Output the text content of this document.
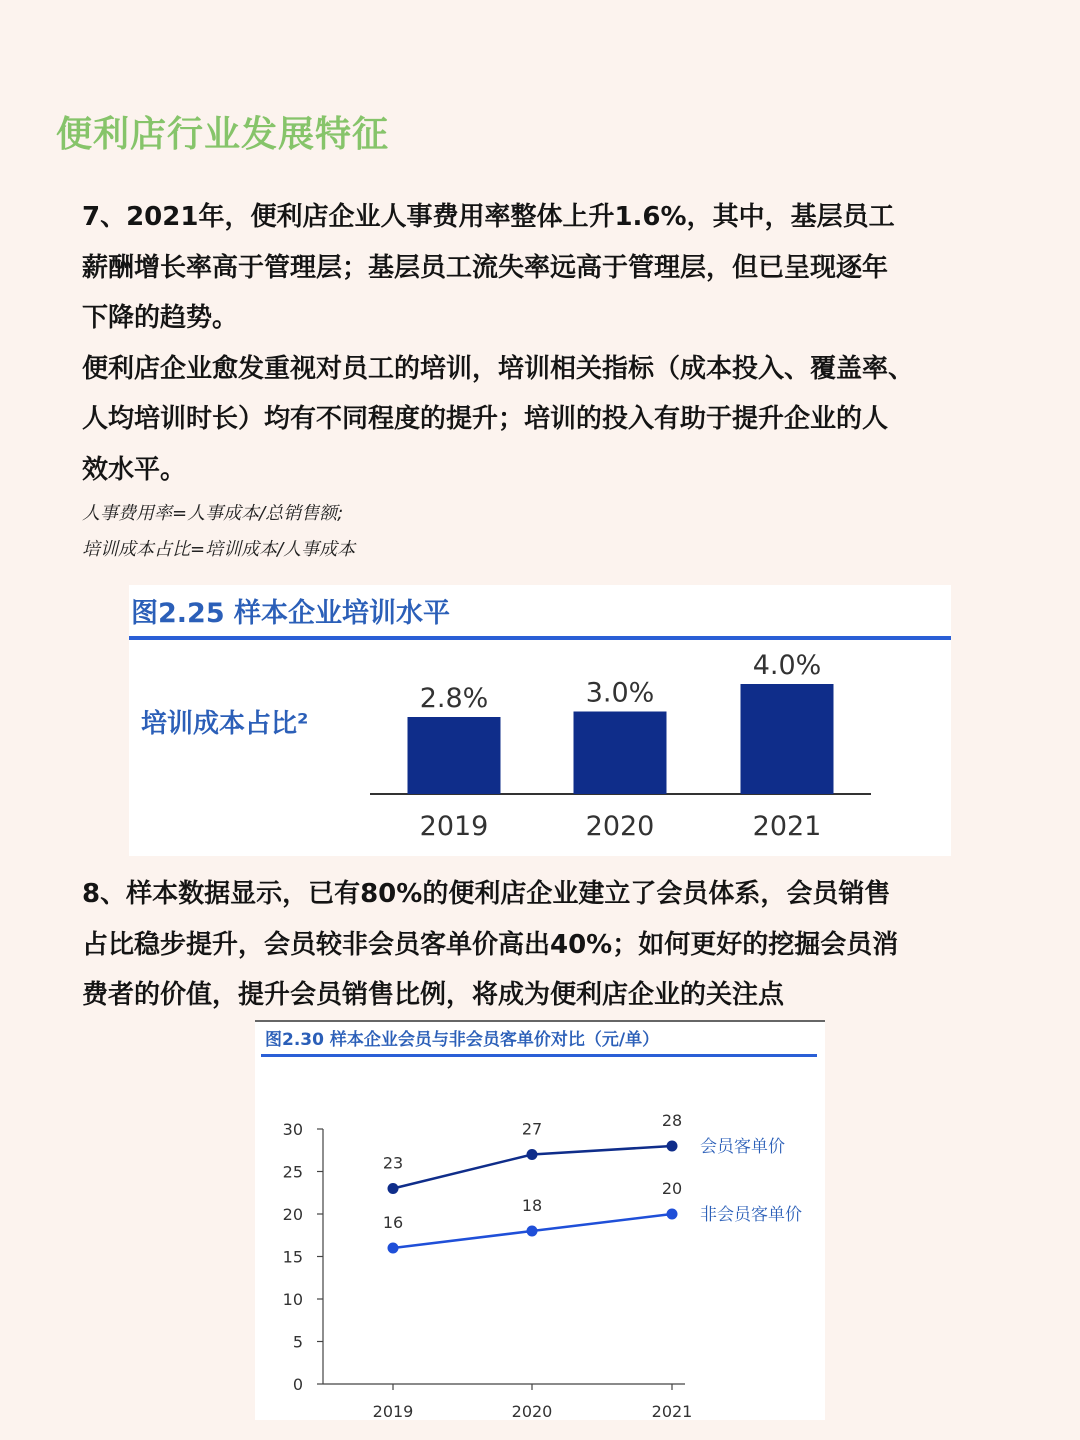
便利店行业发展特征

7、2021年，便利店企业人事费用率整体上升1.6%，其中，基层员工

薪酬增长率高于管理层；基层员工流失率远高于管理层，但已呈现逐年

下降的趋势。

便利店企业愈发重视对员工的培训，培训相关指标（成本投入、覆盖率、

人均培训时长）均有不同程度的提升；培训的投入有助于提升企业的人

效水平。

人事费用率=人事成本/总销售额;

培训成本占比=培训成本/人事成本

图2.25 样本企业培训水平
培训成本占比²
2.8%
2019
3.0%
2020
4.0%
2021

8、样本数据显示，已有80%的便利店企业建立了会员体系，会员销售

占比稳步提升，会员较非会员客单价高出40%；如何更好的挖掘会员消

费者的价值，提升会员销售比例，将成为便利店企业的关注点

图2.30 样本企业会员与非会员客单价对比（元/单）
0
5
10
15
20
25
30
2019	2020	2021
23
27	28
会员客单价
16
18
20
非会员客单价
